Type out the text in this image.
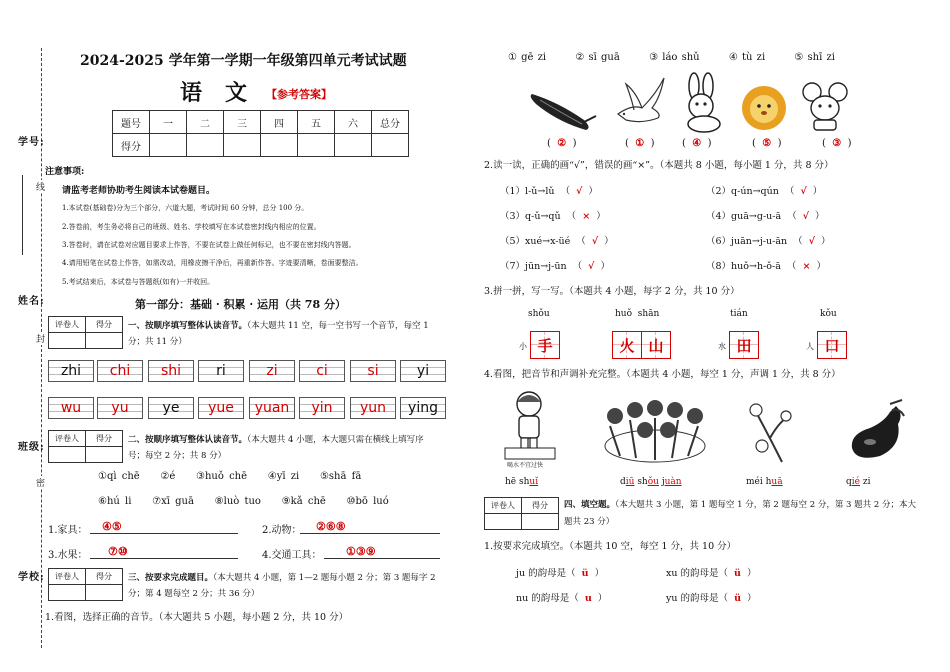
学号:
姓名:
班级:
学校:
线
封
密
2024-2025 学年第一学期一年级第四单元考试试题
语   文 【参考答案】
题号	一	二	三	四	五	六	总分
得分							
注意事项:
请监考老师协助考生阅读本试卷题目。
1.本试卷(基础卷)分为三个部分，六道大题，考试时间 60 分钟，总分 100 分。
2.答卷前，考生务必将自己的班级、姓名、学校填写在本试卷密封线内相应的位置。
3.答卷时，请在试卷对应题目要求上作答，不要在试卷上做任何标记，也不要在密封线内答题。
4.请用铅笔在试卷上作答，如需改动，用橡皮擦干净后，再重新作答。字迹要清晰，卷面要整洁。
5.考试结束后，本试卷与答题纸(如有)一并收回。
第一部分：基础 · 积累 · 运用（共 78 分）
评卷人	得分
	一、按顺序填写整体认读音节。（本大题共 11 空，每一空书写一个音节，每空 1 分；共 11 分）
zhi chi shi	ri	zi	ci	si	yi
wu yu ye yue yuan yin yun ying
评卷人	得分
	二、按顺序填写整体认读音节。（本大题共 4 小题，本大题只需在横线上填写序号；每空 2 分；共 8 分）
①qì chē ②é ③huǒ chē ④yī zi ⑤shā fā
⑥hú li ⑦xī guā ⑧luò tuo ⑨kǎ chē ⑩bō luó
1.家具： ④⑤	2.动物： ②⑥⑧
3.水果： ⑦⑩	4.交通工具： ①③⑨
评卷人	得分
	三、按要求完成题目。（本大题共 4 小题，第 1—2 题每小题 2 分；第 3 题每字 2 分；第 4 题每空 2 分；共 36 分）
1.看图，选择正确的音节。（本大题共 5 小题，每小题 2 分，共 10 分）
① gē zi	② sī guā	③ láo shǔ	④ tù zi	⑤ shī zi
(  ②  )	(  ①  )	(  ④  )	(  ⑤  )	(  ③  )
2.读一读，正确的画“√”，错误的画“×”。（本题共 8 小题，每小题 1 分，共 8 分）
（1）l-ǔ→lǔ  （  √  ）	（2）q-ún→qún  （  √  ）
（3）q-ǔ→qǔ  （  ×  ）	（4）guā→g-u-ā  （  √  ）
（5）xué→x-üé  （  √  ）	（6）juān→j-u-ān  （  √  ）
（7）jūn→j-ūn  （  √  ）	（8）huǒ→h-ǒ-ā  （  ×  ）
3.拼一拼，写一写。（本题共 4 小题，每字 2 分，共 10 分）
shǒu
小 手
huǒ  shān
火 山
tián
水 田
kǒu
人 口
4.看图，把音节和声调补充完整。（本题共 4 小题，每空 1 分，声调 1 分，共 8 分）
喝水不宜过快
hē shuǐ	diū shǒu juàn	méi huā	qié zi
评卷人	得分
	四、填空题。（本大题共 3 小题，第 1 题每空 1 分，第 2 题每空 2 分，第 3 题共 2 分；本大题共 23 分）
1.按要求完成填空。（本题共 10 空，每空 1 分，共 10 分）
ju 的韵母是（ ü ）	xu 的韵母是（ ü ）
nu 的韵母是（ u ）	yu 的韵母是（ ü ）
